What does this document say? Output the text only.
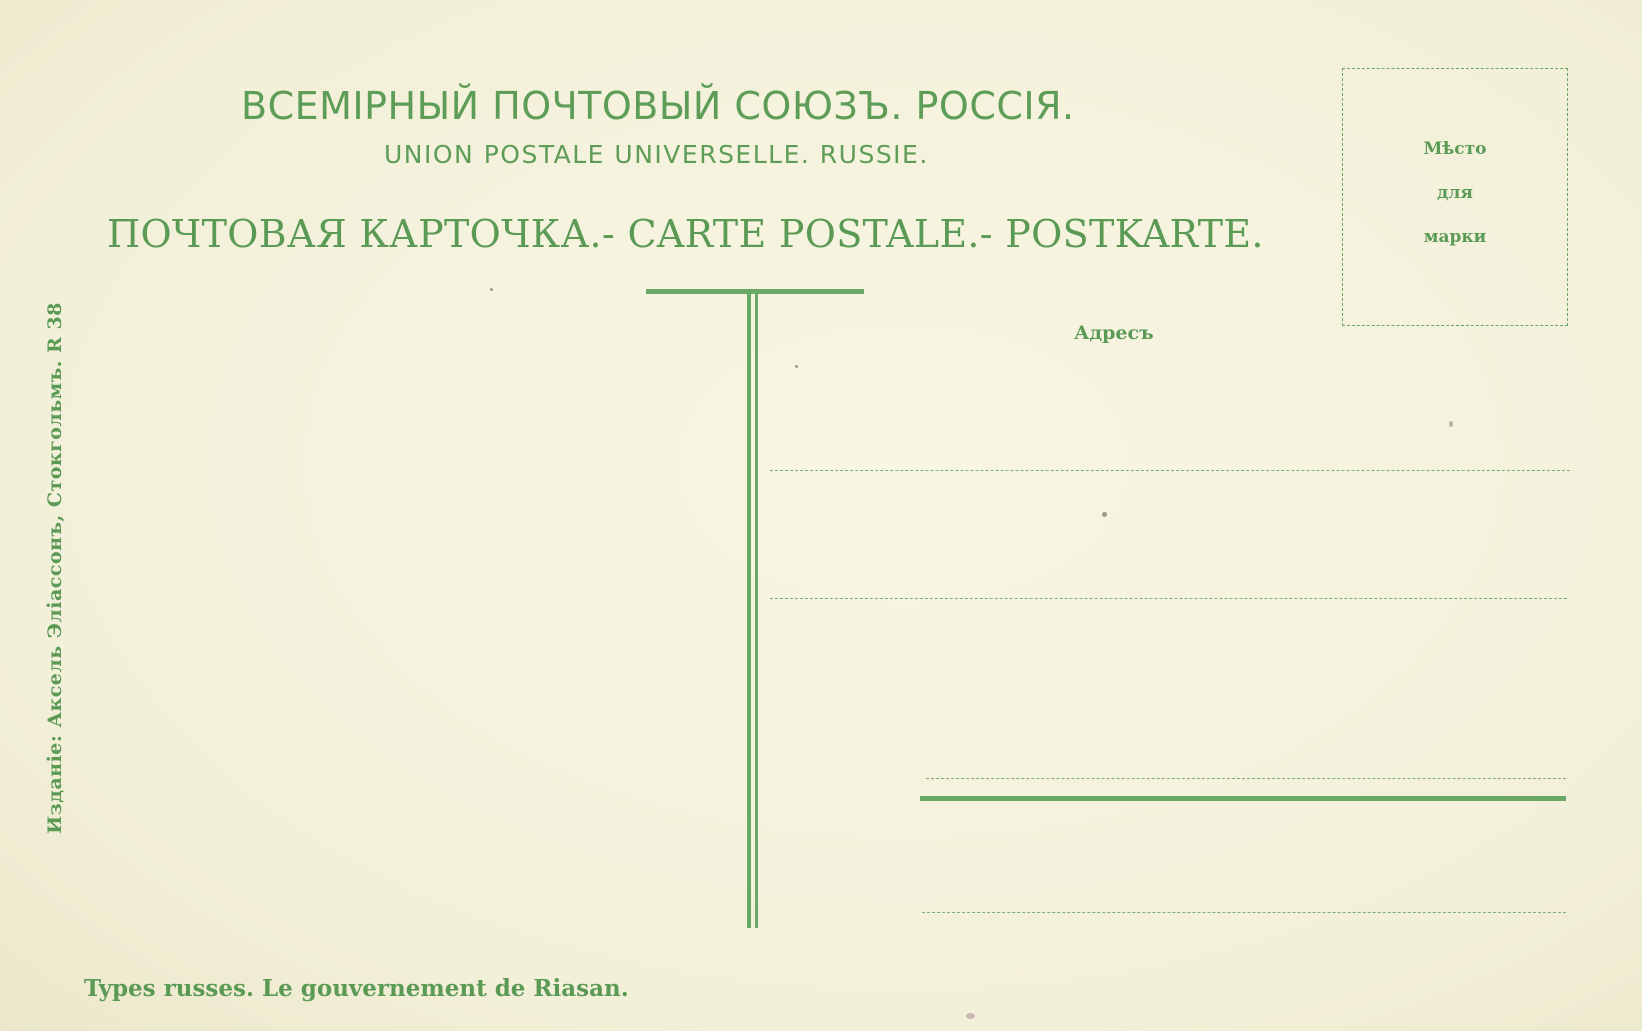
ВСЕМІРНЫЙ ПОЧТОВЫЙ СОЮЗЪ. РОССІЯ.
UNION POSTALE UNIVERSELLE. RUSSIE.
ПОЧТОВАЯ КАРТОЧКА.- CARTE POSTALE.- POSTKARTE.
Мѣсто
для
марки
Адресъ
Изданіе: Аксель Эліассонъ, Стокгольмъ. R 38
Types russes. Le gouvernement de Riasan.
